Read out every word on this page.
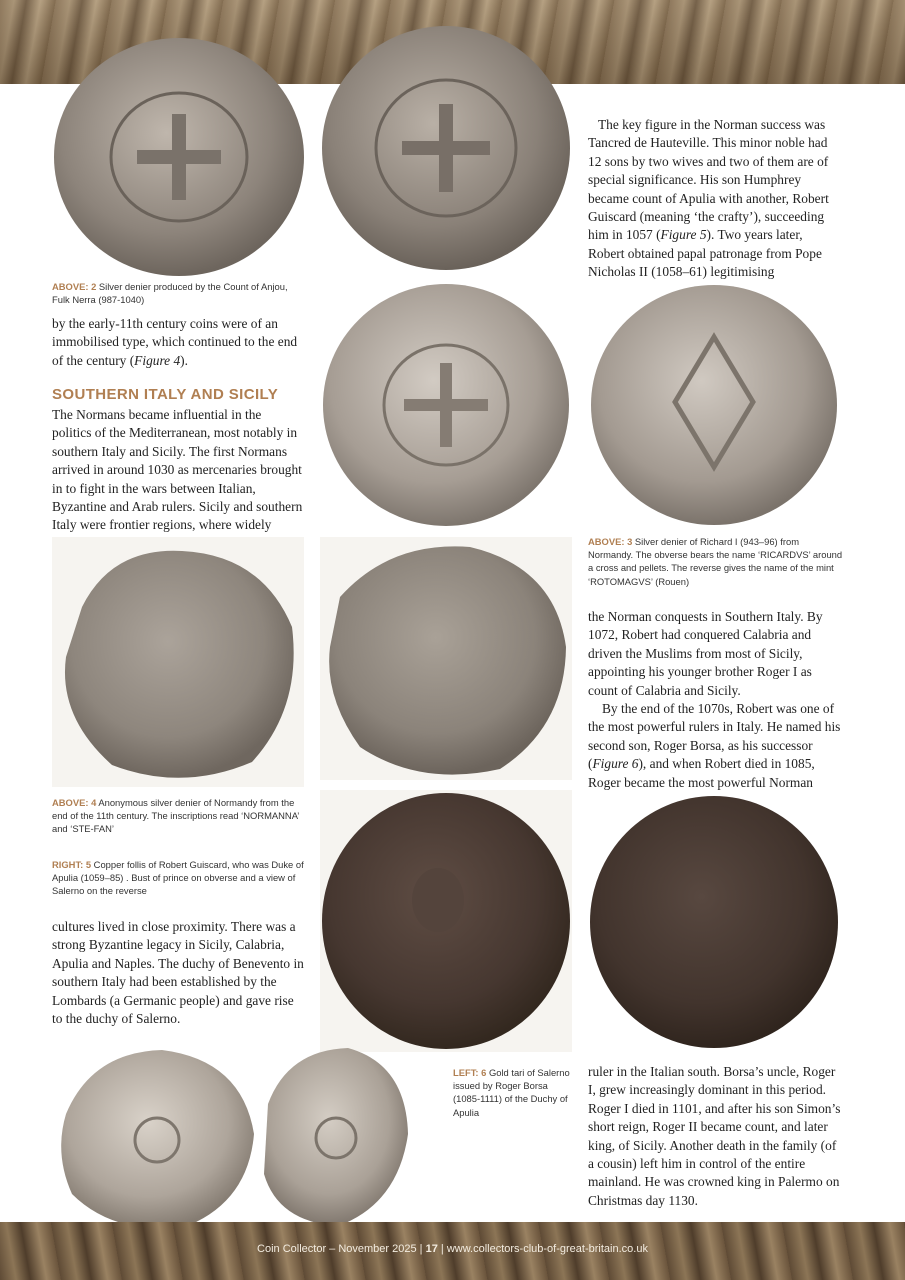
The key figure in the Norman success was Tancred de Hauteville. This minor noble had 12 sons by two wives and two of them are of special significance. His son Humphrey became count of Apulia with another, Robert Guiscard (meaning ‘the crafty’), succeeding him in 1057 (Figure 5). Two years later, Robert obtained papal patronage from Pope Nicholas II (1058–61) legitimising

ABOVE: 2 Silver denier produced by the Count of Anjou, Fulk Nerra (987-1040)

by the early-11th century coins were of an immobilised type, which continued to the end of the century (Figure 4).

SOUTHERN ITALY AND SICILY

The Normans became influential in the politics of the Mediterranean, most notably in southern Italy and Sicily. The first Normans arrived in around 1030 as mercenaries brought in to fight in the wars between Italian, Byzantine and Arab rulers. Sicily and southern Italy were frontier regions, where widely

ABOVE: 3 Silver denier of Richard I (943–96) from Normandy. The obverse bears the name ‘RICARDVS’ around a cross and pellets. The reverse gives the name of the mint ‘ROTOMAGVS’ (Rouen)

the Norman conquests in Southern Italy. By 1072, Robert had conquered Calabria and driven the Muslims from most of Sicily, appointing his younger brother Roger I as count of Calabria and Sicily.

By the end of the 1070s, Robert was one of the most powerful rulers in Italy. He named his second son, Roger Borsa, as his successor (Figure 6), and when Robert died in 1085, Roger became the most powerful Norman

ABOVE: 4 Anonymous silver denier of Normandy from the end of the 11th century. The inscriptions read ‘NORMANNA’ and ‘STE-FAN’

RIGHT: 5 Copper follis of Robert Guiscard, who was Duke of Apulia (1059–85) . Bust of prince on obverse and a view of Salerno on the reverse

cultures lived in close proximity. There was a strong Byzantine legacy in Sicily, Calabria, Apulia and Naples. The duchy of Benevento in southern Italy had been established by the Lombards (a Germanic people) and gave rise to the duchy of Salerno.

LEFT: 6 Gold tari of Salerno issued by Roger Borsa (1085-1111) of the Duchy of Apulia

ruler in the Italian south. Borsa’s uncle, Roger I, grew increasingly dominant in this period. Roger I died in 1101, and after his son Simon’s short reign, Roger II became count, and later king, of Sicily. Another death in the family (of a cousin) left him in control of the entire mainland. He was crowned king in Palermo on Christmas day 1130.

Coin Collector – November 2025 | 17 | www.collectors-club-of-great-britain.co.uk
